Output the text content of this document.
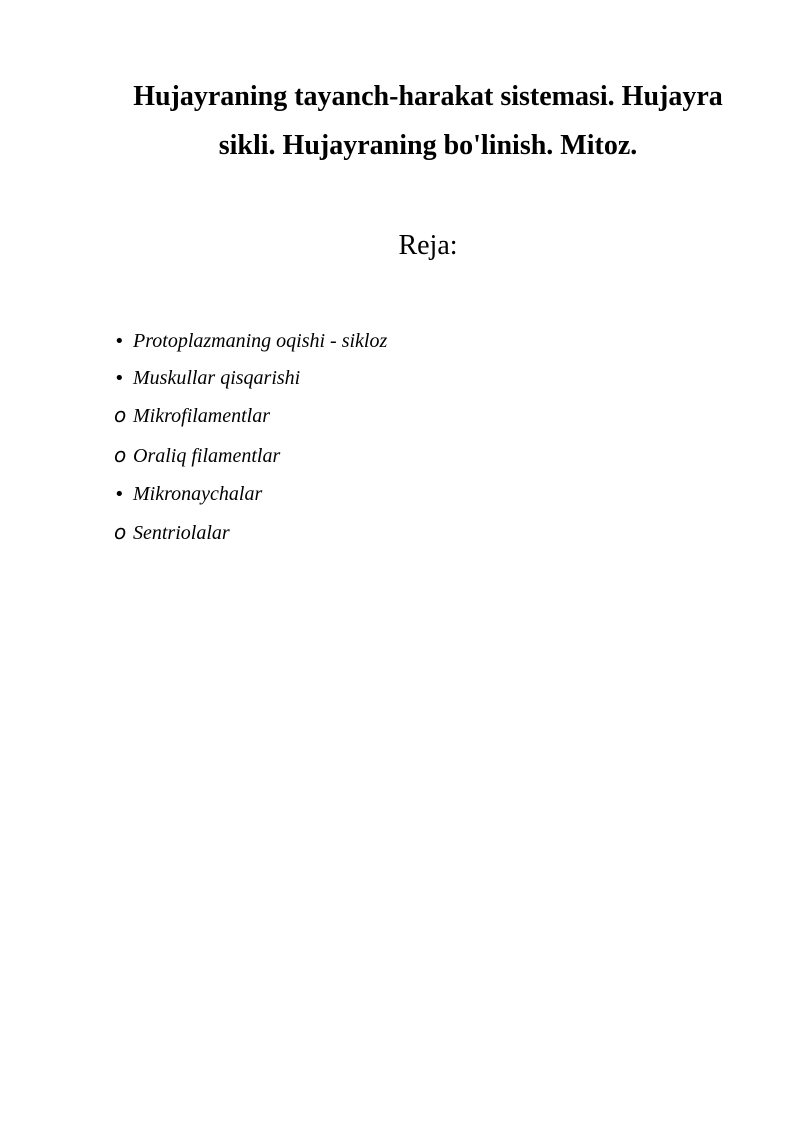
Hujayraning tayanch-harakat sistemasi. Hujayra
sikli. Hujayraning bo'linish. Mitoz.
Reja:
• Protoplazmaning oqishi - sikloz
• Muskullar qisqarishi
o Mikrofilamentlar
o Oraliq filamentlar
• Mikronaychalar
o Sentriolalar
